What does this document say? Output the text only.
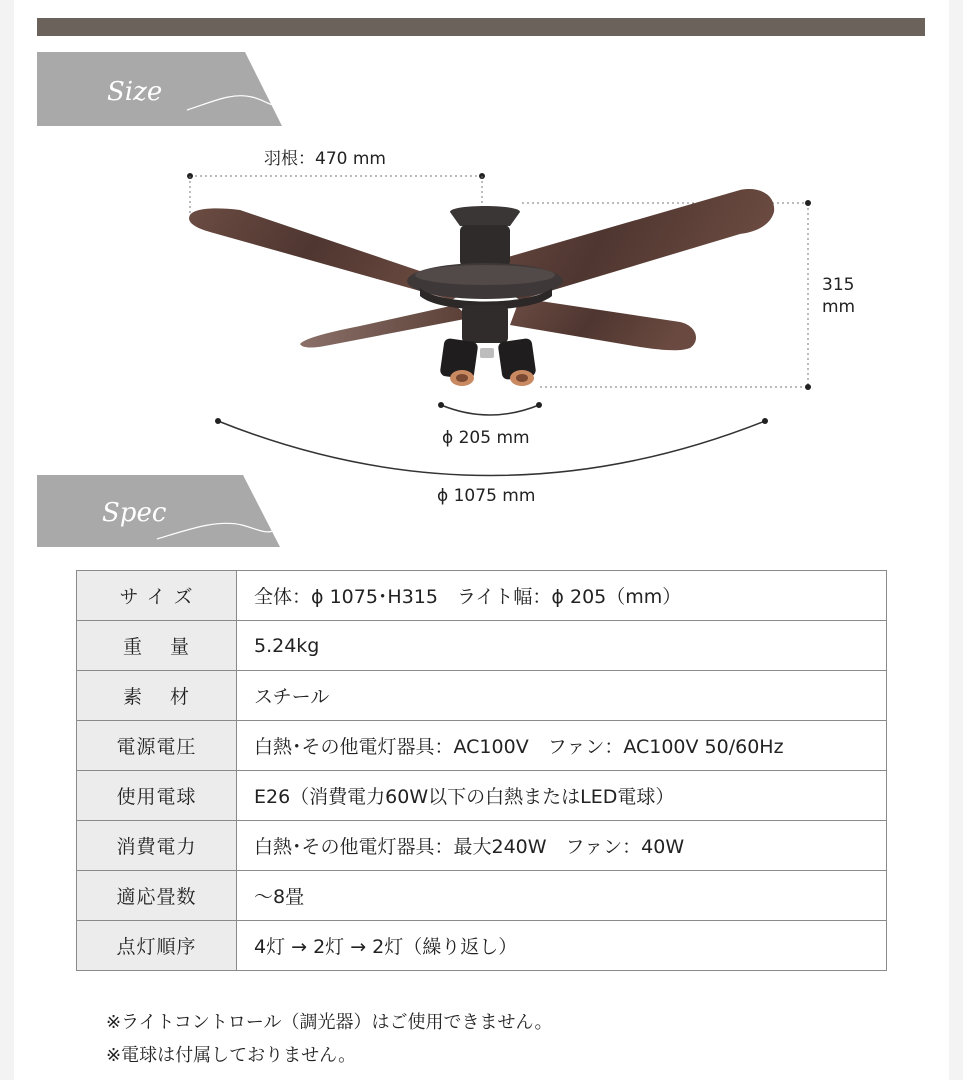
Size
Spec
羽根：470 mm
315
mm
ϕ 205 mm
ϕ 1075 mm
サ イ ズ	全体：ϕ 1075･H315　ライト幅：ϕ 205（mm）
重　 量	5.24kg
素　 材	スチール
電源電圧	白熱･その他電灯器具：AC100V　ファン：AC100V 50/60Hz
使用電球	E26（消費電力60W以下の白熱またはLED電球）
消費電力	白熱･その他電灯器具：最大240W　ファン：40W
適応畳数	～8畳
点灯順序	4灯 → 2灯 → 2灯（繰り返し）
※ライトコントロール（調光器）はご使用できません。
※電球は付属しておりません。
